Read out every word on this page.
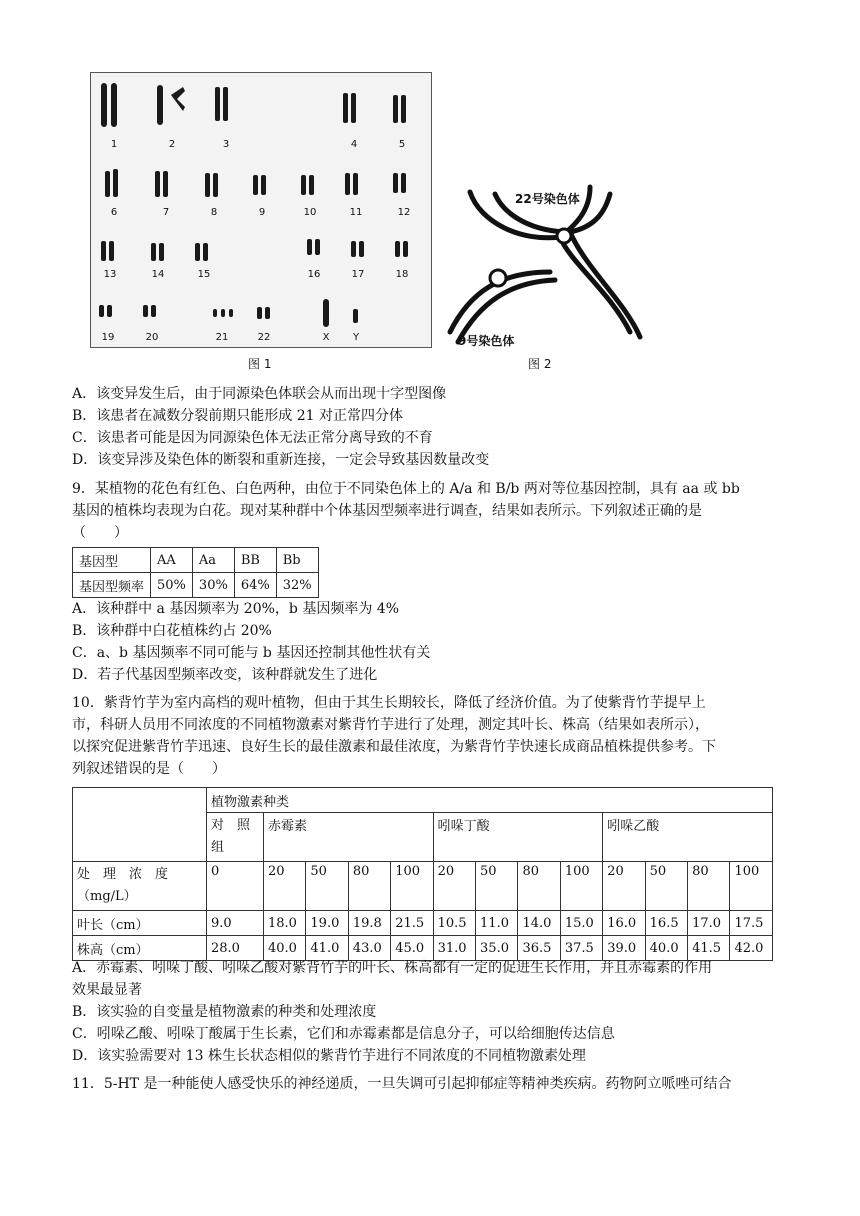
1	2	3	4	5
6	7	8	9	10	11	12
13	14	15	16	17	18
19	20	21	22	X	Y
图 1
22号染色体
9号染色体
图 2

A．该变异发生后，由于同源染色体联会从而出现十字型图像

B．该患者在减数分裂前期只能形成 21 对正常四分体

C．该患者可能是因为同源染色体无法正常分离导致的不育

D．该变异涉及染色体的断裂和重新连接，一定会导致基因数量改变

9．某植物的花色有红色、白色两种，由位于不同染色体上的 A/a 和 B/b 两对等位基因控制，具有 aa 或 bb

基因的植株均表现为白花。现对某种群中个体基因型频率进行调查，结果如表所示。下列叙述正确的是

（　　）

基因型	AA	Aa	BB	Bb
基因型频率	50%	30%	64%	32%

A．该种群中 a 基因频率为 20%，b 基因频率为 4%

B．该种群中白花植株约占 20%

C．a、b 基因频率不同可能与 b 基因还控制其他性状有关

D．若子代基因型频率改变，该种群就发生了进化

10．紫背竹芋为室内高档的观叶植物，但由于其生长期较长，降低了经济价值。为了使紫背竹芋提早上

市，科研人员用不同浓度的不同植物激素对紫背竹芋进行了处理，测定其叶长、株高（结果如表所示），

以探究促进紫背竹芋迅速、良好生长的最佳激素和最佳浓度，为紫背竹芋快速长成商品植株提供参考。下

列叙述错误的是（　　）

	植物激素种类												
	对　照组	赤霉素				吲哚丁酸				吲哚乙酸			
处　理　浓　度（mg/L）	0	20	50	80	100	20	50	80	100	20	50	80	100
叶长（cm）	9.0	18.0	19.0	19.8	21.5	10.5	11.0	14.0	15.0	16.0	16.5	17.0	17.5
株高（cm）	28.0	40.0	41.0	43.0	45.0	31.0	35.0	36.5	37.5	39.0	40.0	41.5	42.0

A．赤霉素、吲哚丁酸、吲哚乙酸对紫背竹芋的叶长、株高都有一定的促进生长作用，并且赤霉素的作用

效果最显著

B．该实验的自变量是植物激素的种类和处理浓度

C．吲哚乙酸、吲哚丁酸属于生长素，它们和赤霉素都是信息分子，可以给细胞传达信息

D．该实验需要对 13 株生长状态相似的紫背竹芋进行不同浓度的不同植物激素处理

11．5-HT 是一种能使人感受快乐的神经递质，一旦失调可引起抑郁症等精神类疾病。药物阿立哌唑可结合
